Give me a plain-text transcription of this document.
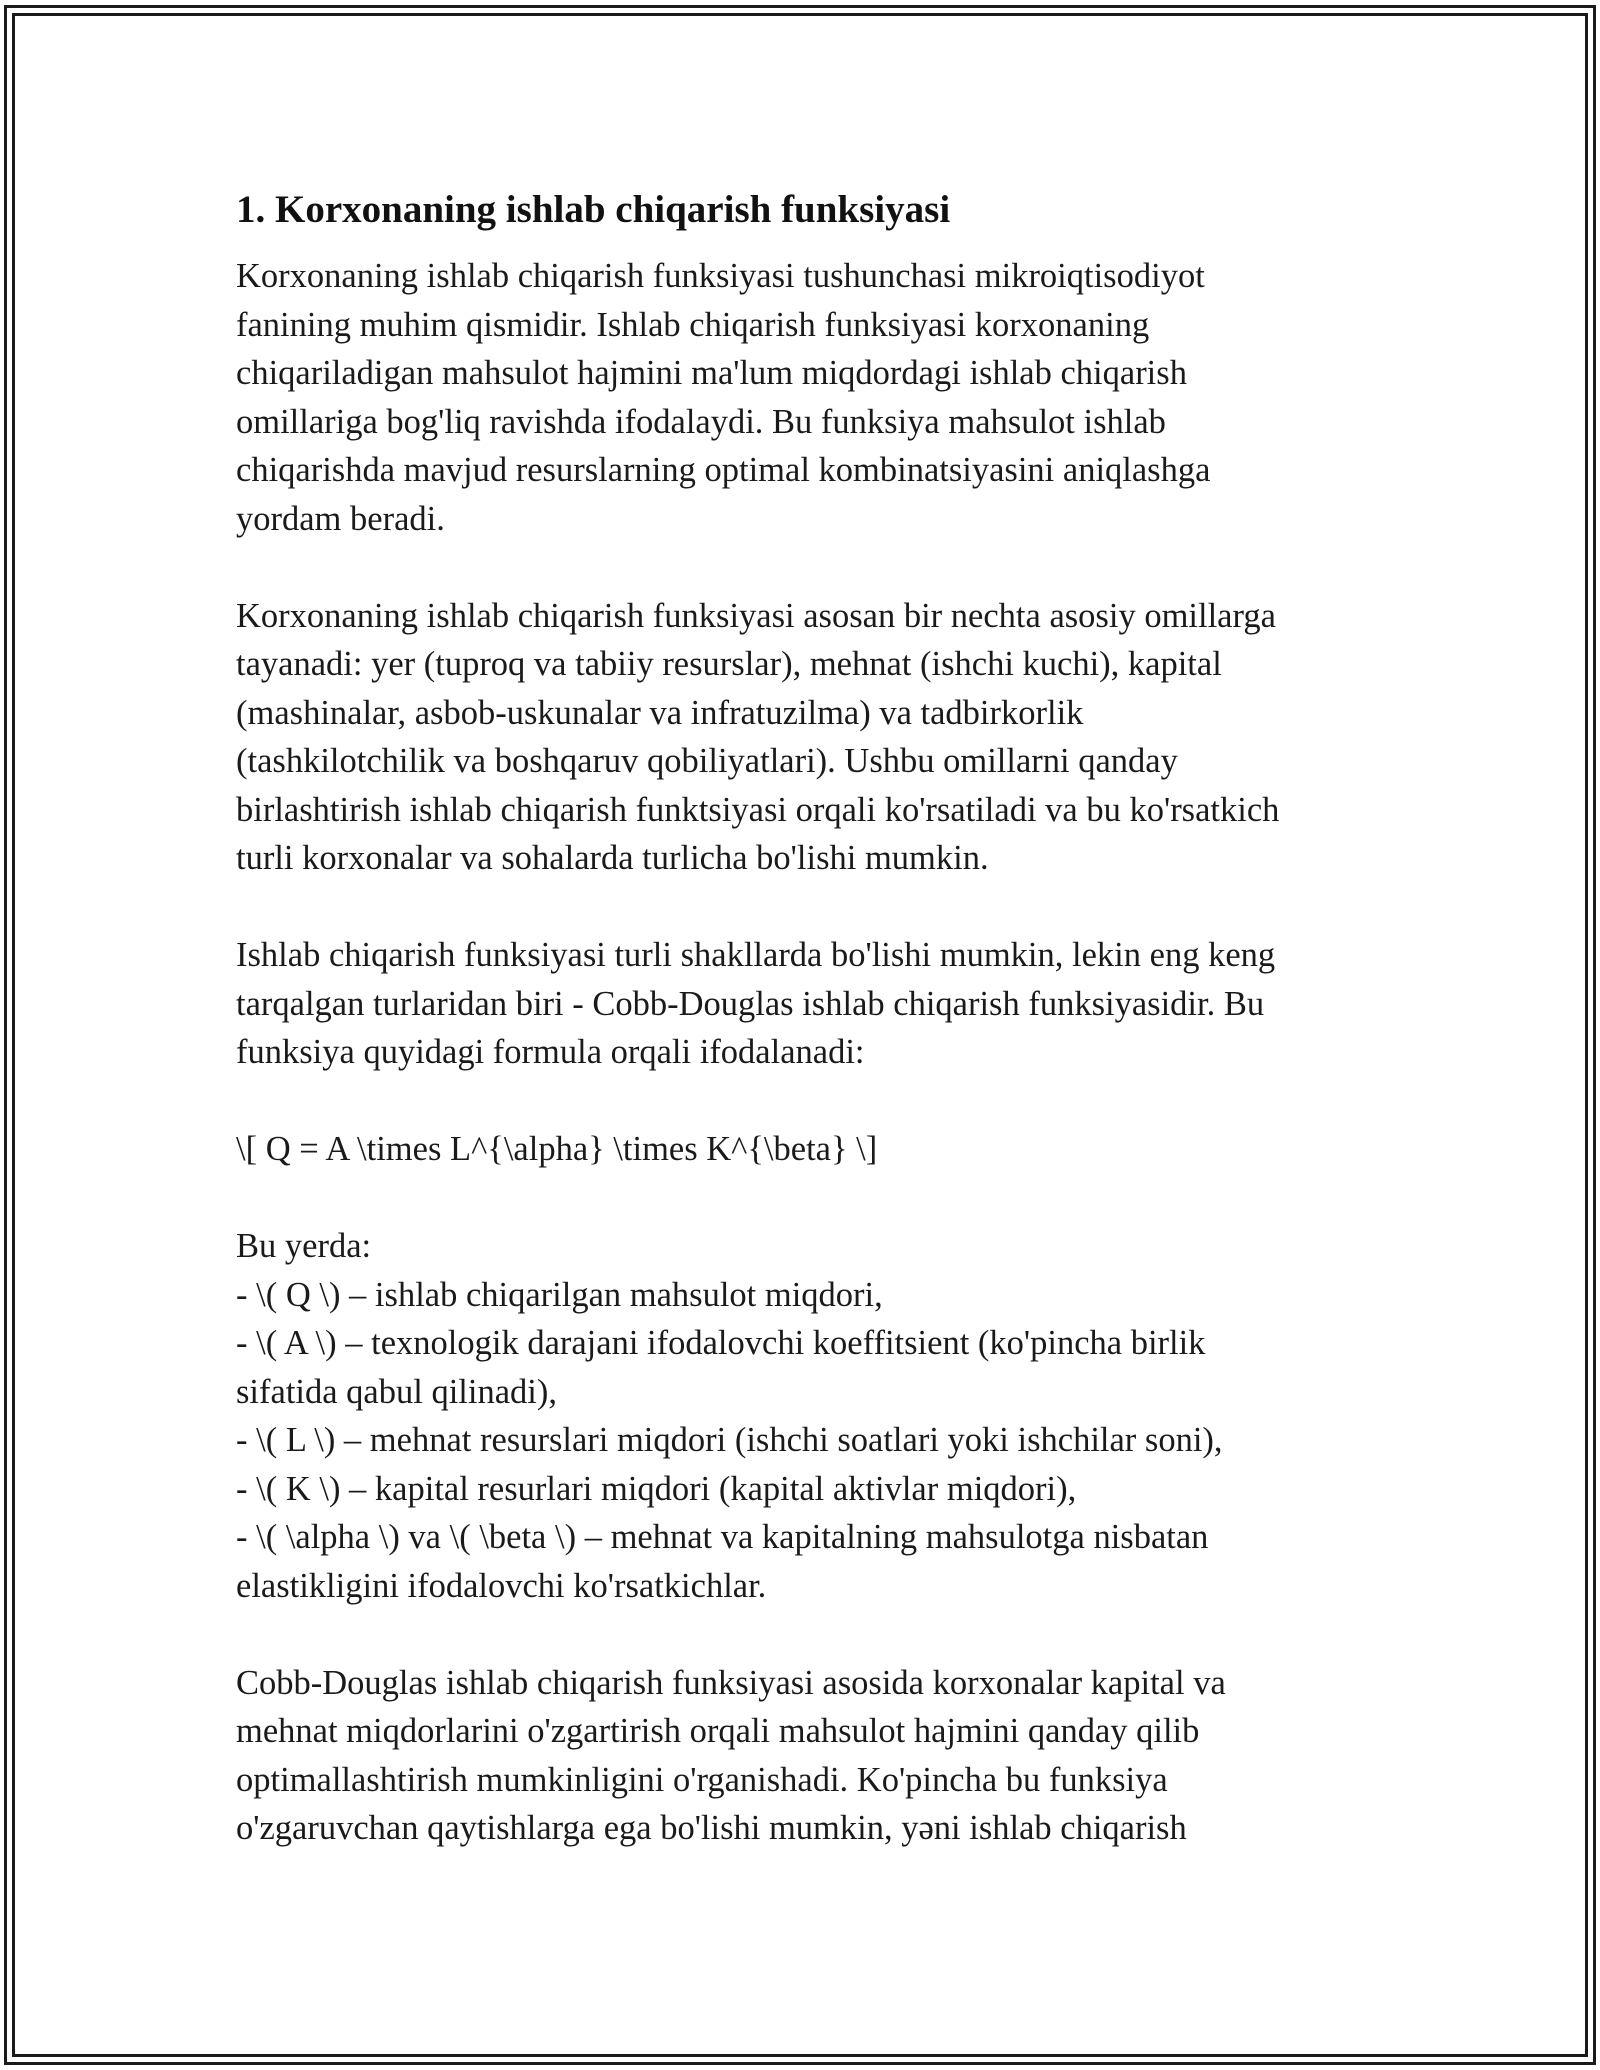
1. Korxonaning ishlab chiqarish funksiyasi

Korxonaning ishlab chiqarish funksiyasi tushunchasi mikroiqtisodiyot
fanining muhim qismidir. Ishlab chiqarish funksiyasi korxonaning
chiqariladigan mahsulot hajmini ma'lum miqdordagi ishlab chiqarish
omillariga bog'liq ravishda ifodalaydi. Bu funksiya mahsulot ishlab
chiqarishda mavjud resurslarning optimal kombinatsiyasini aniqlashga
yordam beradi.

Korxonaning ishlab chiqarish funksiyasi asosan bir nechta asosiy omillarga
tayanadi: yer (tuproq va tabiiy resurslar), mehnat (ishchi kuchi), kapital
(mashinalar, asbob-uskunalar va infratuzilma) va tadbirkorlik
(tashkilotchilik va boshqaruv qobiliyatlari). Ushbu omillarni qanday
birlashtirish ishlab chiqarish funktsiyasi orqali ko'rsatiladi va bu ko'rsatkich
turli korxonalar va sohalarda turlicha bo'lishi mumkin.

Ishlab chiqarish funksiyasi turli shakllarda bo'lishi mumkin, lekin eng keng
tarqalgan turlaridan biri - Cobb-Douglas ishlab chiqarish funksiyasidir. Bu
funksiya quyidagi formula orqali ifodalanadi:

\[ Q = A \times L^{\alpha} \times K^{\beta} \]

Bu yerda:
- \( Q \) – ishlab chiqarilgan mahsulot miqdori,
- \( A \) – texnologik darajani ifodalovchi koeffitsient (ko'pincha birlik
sifatida qabul qilinadi),
- \( L \) – mehnat resurslari miqdori (ishchi soatlari yoki ishchilar soni),
- \( K \) – kapital resurlari miqdori (kapital aktivlar miqdori),
- \( \alpha \) va \( \beta \) – mehnat va kapitalning mahsulotga nisbatan
elastikligini ifodalovchi ko'rsatkichlar.

Cobb-Douglas ishlab chiqarish funksiyasi asosida korxonalar kapital va
mehnat miqdorlarini o'zgartirish orqali mahsulot hajmini qanday qilib
optimallashtirish mumkinligini o'rganishadi. Ko'pincha bu funksiya
o'zgaruvchan qaytishlarga ega bo'lishi mumkin, yəni ishlab chiqarish
